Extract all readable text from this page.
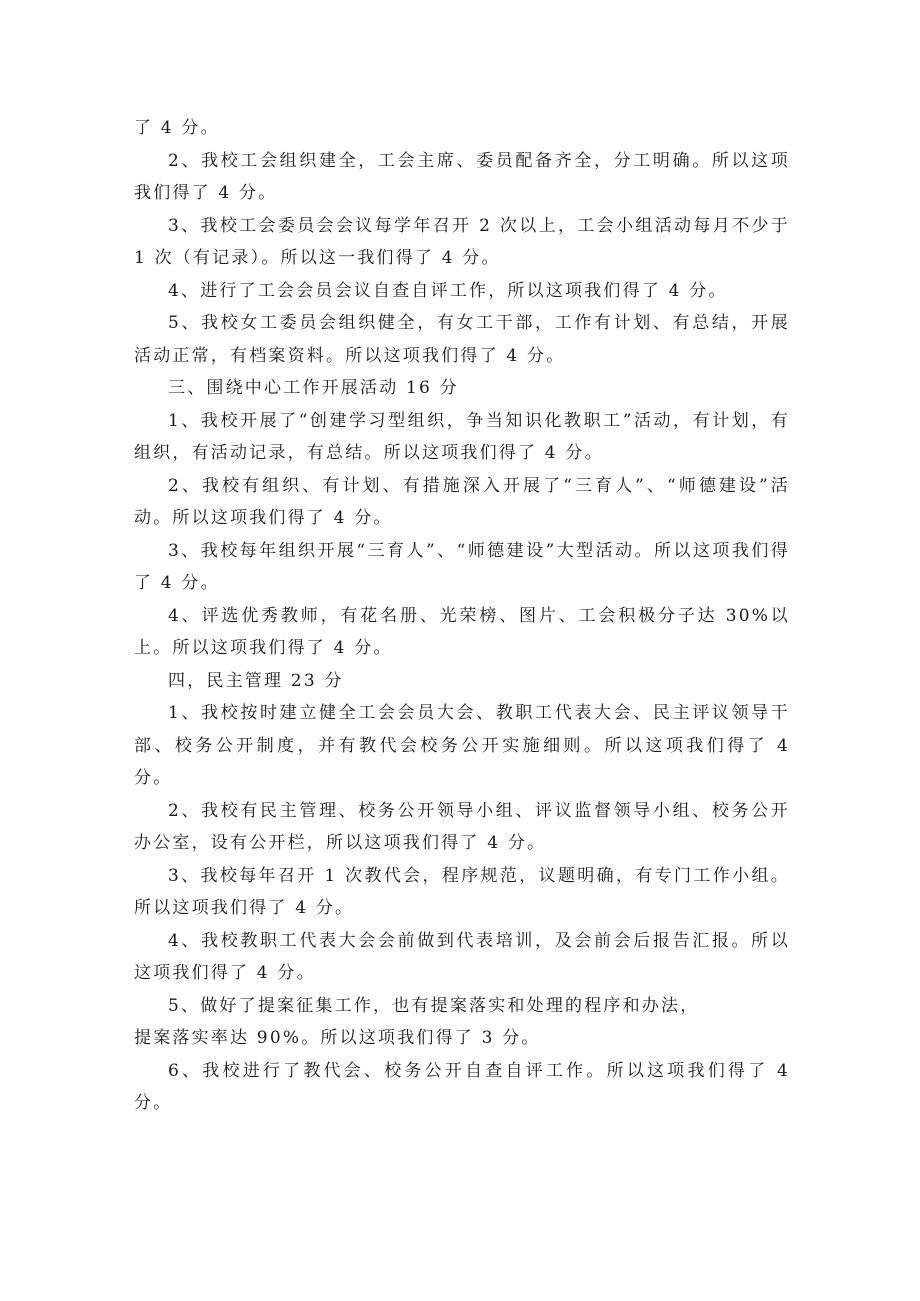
了 4 分。

2、我校工会组织建全，工会主席、委员配备齐全，分工明确。所以这项我们得了 4 分。

3、我校工会委员会会议每学年召开 2 次以上，工会小组活动每月不少于 1 次（有记录）。所以这一我们得了 4 分。

4、进行了工会会员会议自查自评工作，所以这项我们得了 4 分。

5、我校女工委员会组织健全，有女工干部，工作有计划、有总结，开展活动正常，有档案资料。所以这项我们得了 4 分。

三、围绕中心工作开展活动 16 分

1、我校开展了“创建学习型组织，争当知识化教职工”活动，有计划，有组织，有活动记录，有总结。所以这项我们得了 4 分。

2、我校有组织、有计划、有措施深入开展了“三育人”、“师德建设”活动。所以这项我们得了 4 分。

3、我校每年组织开展“三育人”、“师德建设”大型活动。所以这项我们得了 4 分。

4、评选优秀教师，有花名册、光荣榜、图片、工会积极分子达 30%以上。所以这项我们得了 4 分。

四，民主管理 23 分

1、我校按时建立健全工会会员大会、教职工代表大会、民主评议领导干部、校务公开制度，并有教代会校务公开实施细则。所以这项我们得了 4 分。

2、我校有民主管理、校务公开领导小组、评议监督领导小组、校务公开办公室，设有公开栏，所以这项我们得了 4 分。

3、我校每年召开 1 次教代会，程序规范，议题明确，有专门工作小组。所以这项我们得了 4 分。

4、我校教职工代表大会会前做到代表培训，及会前会后报告汇报。所以这项我们得了 4 分。

5、做好了提案征集工作，也有提案落实和处理的程序和办法，

提案落实率达 90%。所以这项我们得了 3 分。

6、我校进行了教代会、校务公开自查自评工作。所以这项我们得了 4 分。
